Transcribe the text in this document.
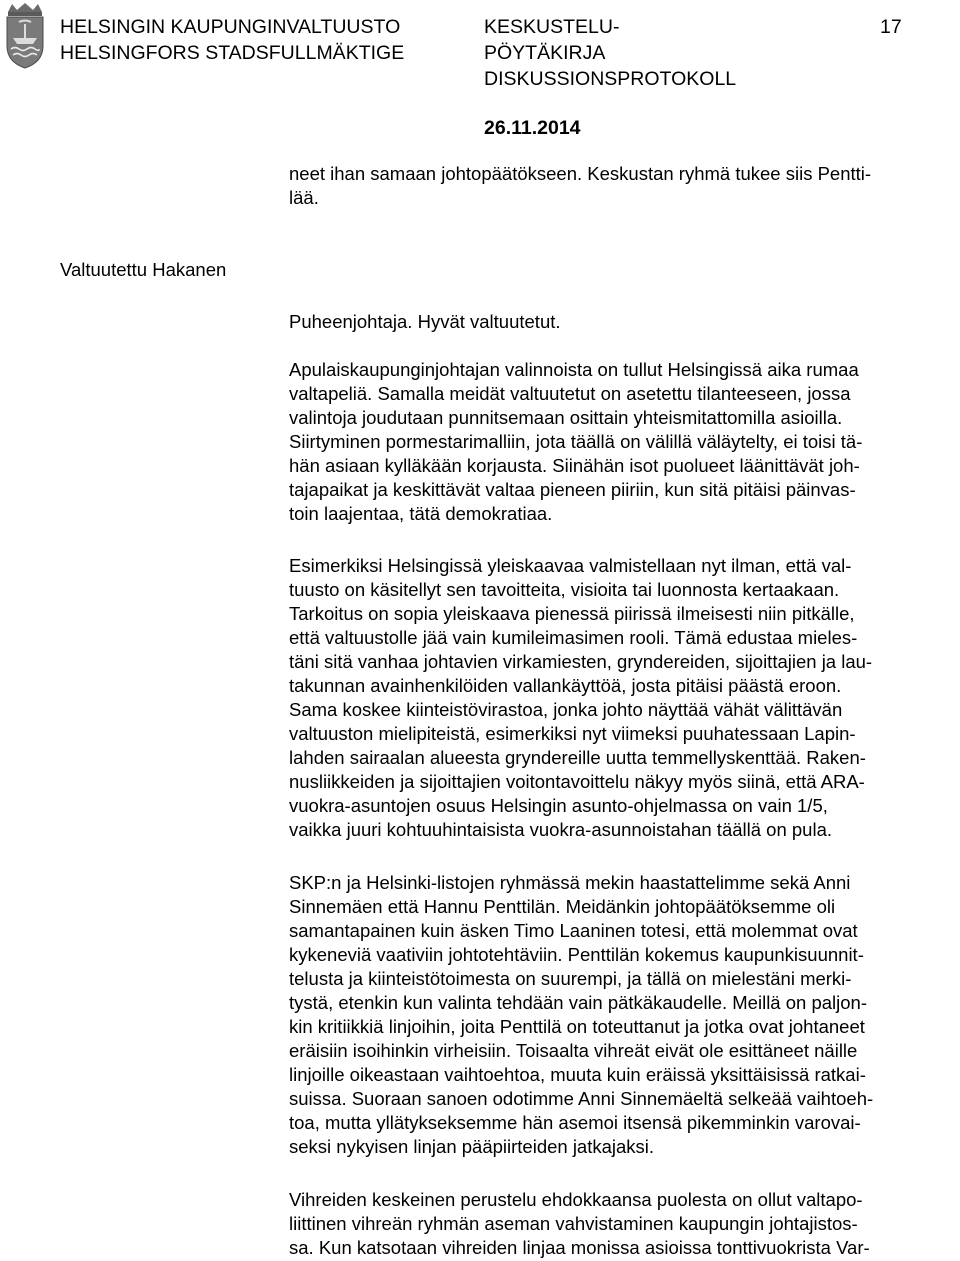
HELSINGIN KAUPUNGINVALTUUSTO
HELSINGFORS STADSFULLMÄKTIGE
KESKUSTELU-
PÖYTÄKIRJA
DISKUSSIONSPROTOKOLL
17
26.11.2014
neet ihan samaan johtopäätökseen. Keskustan ryhmä tukee siis Pentti-
lää.
Valtuutettu Hakanen
Puheenjohtaja. Hyvät valtuutetut.
Apulaiskaupunginjohtajan valinnoista on tullut Helsingissä aika rumaa
valtapeliä. Samalla meidät valtuutetut on asetettu tilanteeseen, jossa
valintoja joudutaan punnitsemaan osittain yhteismitattomilla asioilla.
Siirtyminen pormestarimalliin, jota täällä on välillä väläytelty, ei toisi tä-
hän asiaan kylläkään korjausta. Siinähän isot puolueet läänittävät joh-
tajapaikat ja keskittävät valtaa pieneen piiriin, kun sitä pitäisi päinvas-
toin laajentaa, tätä demokratiaa.
Esimerkiksi Helsingissä yleiskaavaa valmistellaan nyt ilman, että val-
tuusto on käsitellyt sen tavoitteita, visioita tai luonnosta kertaakaan.
Tarkoitus on sopia yleiskaava pienessä piirissä ilmeisesti niin pitkälle,
että valtuustolle jää vain kumileimasimen rooli. Tämä edustaa mieles-
täni sitä vanhaa johtavien virkamiesten, gryndereiden, sijoittajien ja lau-
takunnan avainhenkilöiden vallankäyttöä, josta pitäisi päästä eroon.
Sama koskee kiinteistövirastoa, jonka johto näyttää vähät välittävän
valtuuston mielipiteistä, esimerkiksi nyt viimeksi puuhatessaan Lapin-
lahden sairaalan alueesta gryndereille uutta temmellyskenttää. Raken-
nusliikkeiden ja sijoittajien voitontavoittelu näkyy myös siinä, että ARA-
vuokra-asuntojen osuus Helsingin asunto-ohjelmassa on vain 1/5,
vaikka juuri kohtuuhintaisista vuokra-asunnoistahan täällä on pula.
SKP:n ja Helsinki-listojen ryhmässä mekin haastattelimme sekä Anni
Sinnemäen että Hannu Penttilän. Meidänkin johtopäätöksemme oli
samantapainen kuin äsken Timo Laaninen totesi, että molemmat ovat
kykeneviä vaativiin johtotehtäviin. Penttilän kokemus kaupunkisuunnit-
telusta ja kiinteistötoimesta on suurempi, ja tällä on mielestäni merki-
tystä, etenkin kun valinta tehdään vain pätkäkaudelle. Meillä on paljon-
kin kritiikkiä linjoihin, joita Penttilä on toteuttanut ja jotka ovat johtaneet
eräisiin isoihinkin virheisiin. Toisaalta vihreät eivät ole esittäneet näille
linjoille oikeastaan vaihtoehtoa, muuta kuin eräissä yksittäisissä ratkai-
suissa. Suoraan sanoen odotimme Anni Sinnemäeltä selkeää vaihtoeh-
toa, mutta yllätykseksemme hän asemoi itsensä pikemminkin varovai-
seksi nykyisen linjan pääpiirteiden jatkajaksi.
Vihreiden keskeinen perustelu ehdokkaansa puolesta on ollut valtapo-
liittinen vihreän ryhmän aseman vahvistaminen kaupungin johtajistos-
sa. Kun katsotaan vihreiden linjaa monissa asioissa tonttivuokrista Var-
